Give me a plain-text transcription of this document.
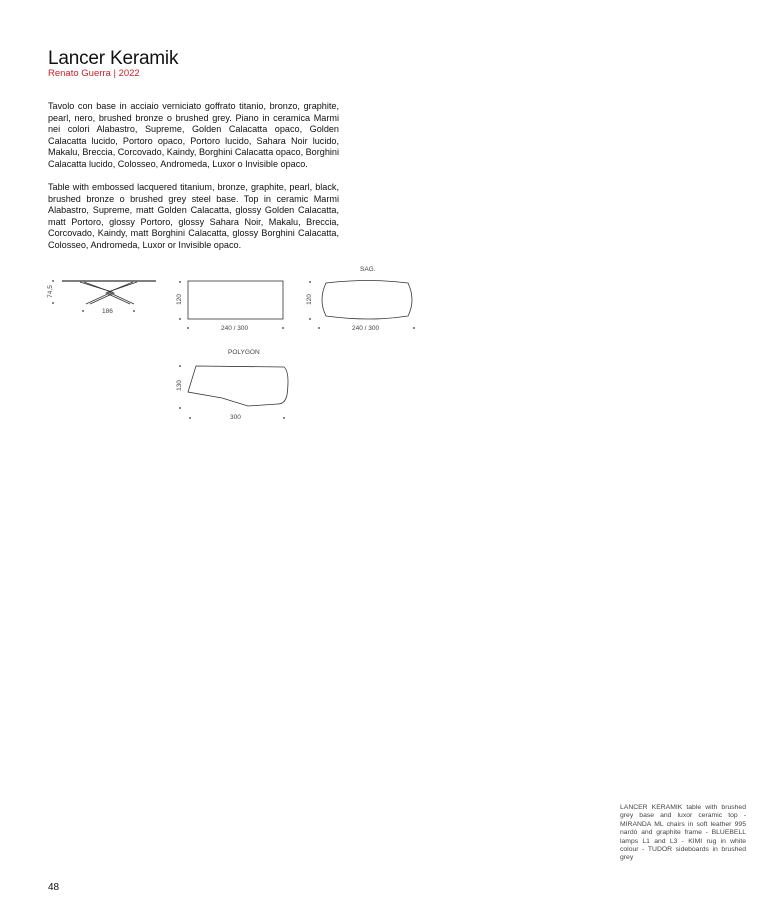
Lancer Keramik
Renato Guerra | 2022
Tavolo con base in acciaio verniciato goffrato titanio, bronzo, graphite, pearl, nero, brushed bronze o brushed grey. Piano in ceramica Marmi nei colori Alabastro, Supreme, Golden Calacatta opaco, Golden Calacatta lucido, Portoro opaco, Portoro lucido, Sahara Noir lucido, Makalu, Breccia, Corcovado, Kaindy, Borghini Calacatta opaco, Borghini Calacatta lucido, Colosseo, Andromeda, Luxor o Invisible opaco.
Table with embossed lacquered titanium, bronze, graphite, pearl, black, brushed bronze o brushed grey steel base. Top in ceramic Marmi Alabastro, Supreme, matt Golden Calacatta, glossy Golden Calacatta, matt Portoro, glossy Portoro, glossy Sahara Noir, Makalu, Breccia, Corcovado, Kaindy, matt Borghini Calacatta, glossy Borghini Calacatta, Colosseo, Andromeda, Luxor or Invisible opaco.
74,5
186
120
240 / 300
SAG.
120
240 / 300
POLYGON
130
300
LANCER KERAMIK table with brushed grey base and luxor ceramic top - MIRANDA ML chairs in soft leather 995 nardò and graphite frame - BLUEBELL lamps L1 and L3 - KIMI rug in white colour - TUDOR sideboards in brushed grey
48
